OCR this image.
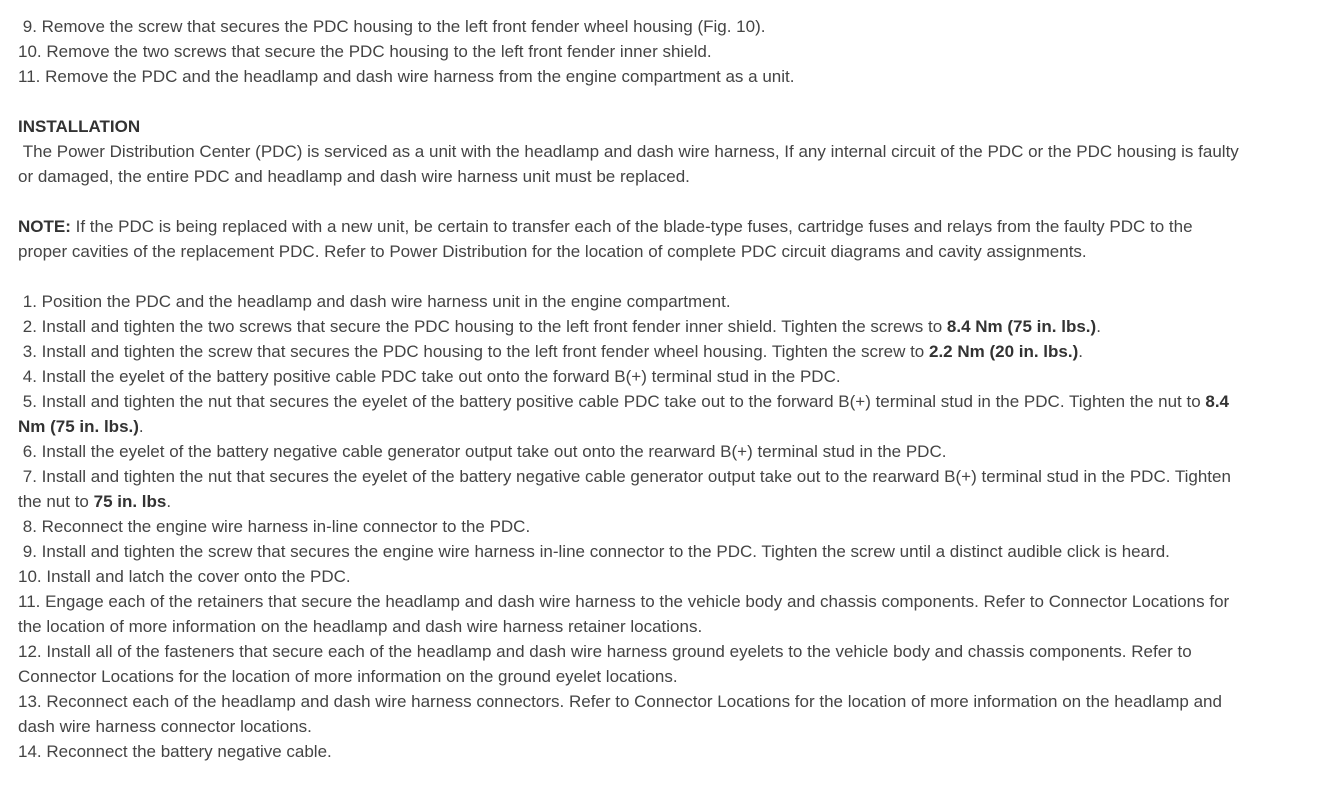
9. Remove the screw that secures the PDC housing to the left front fender wheel housing (Fig. 10).

10. Remove the two screws that secure the PDC housing to the left front fender inner shield.

11. Remove the PDC and the headlamp and dash wire harness from the engine compartment as a unit.

INSTALLATION

The Power Distribution Center (PDC) is serviced as a unit with the headlamp and dash wire harness, If any internal circuit of the PDC or the PDC housing is faulty or damaged, the entire PDC and headlamp and dash wire harness unit must be replaced.

NOTE: If the PDC is being replaced with a new unit, be certain to transfer each of the blade-type fuses, cartridge fuses and relays from the faulty PDC to the proper cavities of the replacement PDC. Refer to Power Distribution for the location of complete PDC circuit diagrams and cavity assignments.

1. Position the PDC and the headlamp and dash wire harness unit in the engine compartment.

2. Install and tighten the two screws that secure the PDC housing to the left front fender inner shield. Tighten the screws to 8.4 Nm (75 in. lbs.).

3. Install and tighten the screw that secures the PDC housing to the left front fender wheel housing. Tighten the screw to 2.2 Nm (20 in. lbs.).

4. Install the eyelet of the battery positive cable PDC take out onto the forward B(+) terminal stud in the PDC.

5. Install and tighten the nut that secures the eyelet of the battery positive cable PDC take out to the forward B(+) terminal stud in the PDC. Tighten the nut to 8.4 Nm (75 in. lbs.).

6. Install the eyelet of the battery negative cable generator output take out onto the rearward B(+) terminal stud in the PDC.

7. Install and tighten the nut that secures the eyelet of the battery negative cable generator output take out to the rearward B(+) terminal stud in the PDC. Tighten the nut to 75 in. lbs.

8. Reconnect the engine wire harness in-line connector to the PDC.

9. Install and tighten the screw that secures the engine wire harness in-line connector to the PDC. Tighten the screw until a distinct audible click is heard.

10. Install and latch the cover onto the PDC.

11. Engage each of the retainers that secure the headlamp and dash wire harness to the vehicle body and chassis components. Refer to Connector Locations for the location of more information on the headlamp and dash wire harness retainer locations.

12. Install all of the fasteners that secure each of the headlamp and dash wire harness ground eyelets to the vehicle body and chassis components. Refer to Connector Locations for the location of more information on the ground eyelet locations.

13. Reconnect each of the headlamp and dash wire harness connectors. Refer to Connector Locations for the location of more information on the headlamp and dash wire harness connector locations.

14. Reconnect the battery negative cable.
